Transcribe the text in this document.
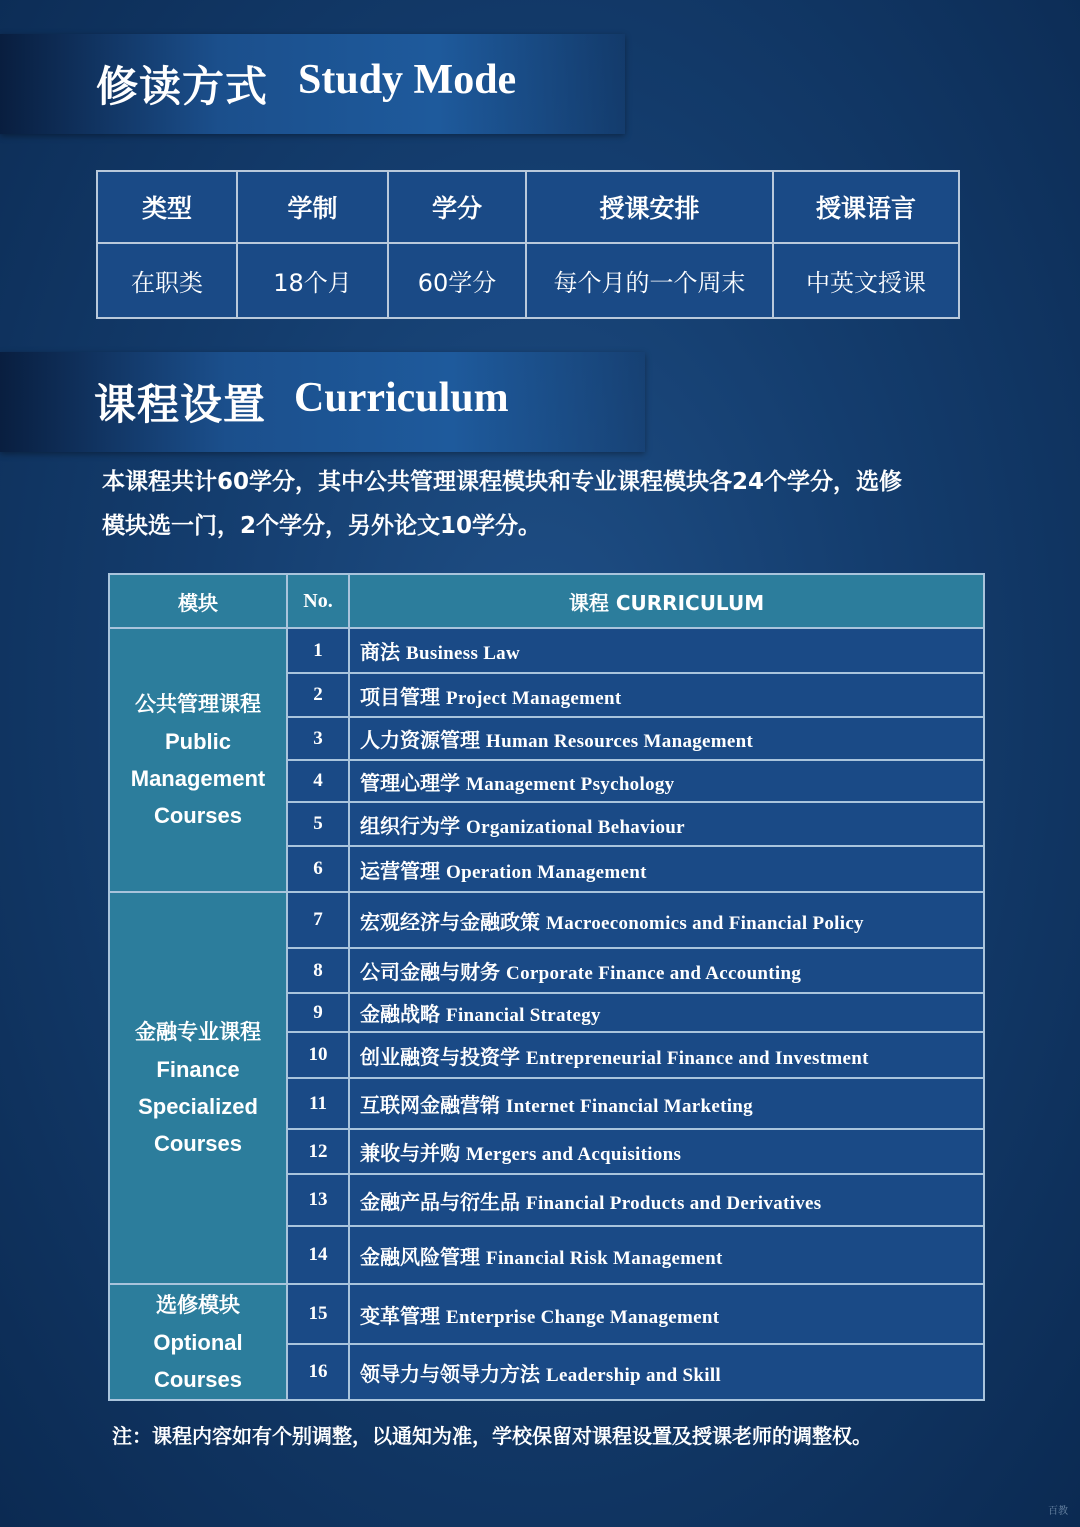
修读方式 Study Mode
类型	学制	学分	授课安排	授课语言
在职类	18个月	60学分	每个月的一个周末	中英文授课
课程设置 Curriculum
本课程共计60学分，其中公共管理课程模块和专业课程模块各24个学分，选修
模块选一门，2个学分，另外论文10学分。
模块	No.	课程 CURRICULUM

公共管理课程
Public
Management
Courses	1	商法 Business Law
	2	项目管理 Project Management
	3	人力资源管理 Human Resources Management
	4	管理心理学 Management Psychology
	5	组织行为学 Organizational Behaviour
	6	运营管理 Operation Management

金融专业课程
Finance
Specialized
Courses	7	宏观经济与金融政策 Macroeconomics and Financial Policy
	8	公司金融与财务 Corporate Finance and Accounting
	9	金融战略 Financial Strategy
	10	创业融资与投资学 Entrepreneurial Finance and Investment
	11	互联网金融营销 Internet Financial Marketing
	12	兼收与并购 Mergers and Acquisitions
	13	金融产品与衍生品 Financial Products and Derivatives
	14	金融风险管理 Financial Risk Management

选修模块
Optional
Courses	15	变革管理 Enterprise Change Management
	16	领导力与领导力方法 Leadership and Skill
注：课程内容如有个别调整，以通知为准，学校保留对课程设置及授课老师的调整权。
百教
